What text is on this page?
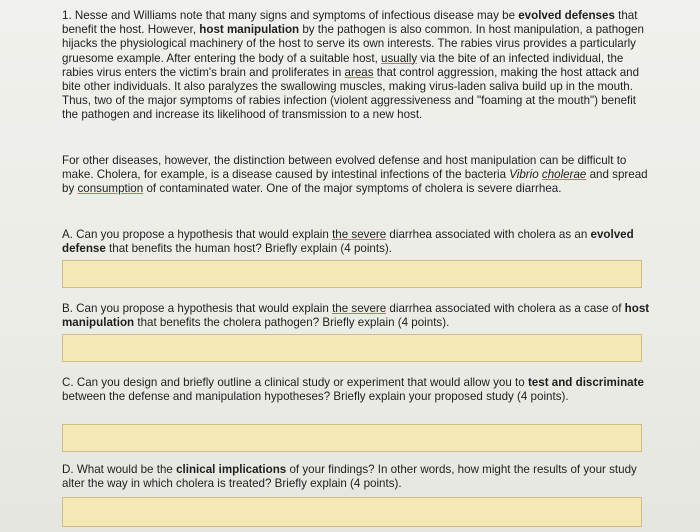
1. Nesse and Williams note that many signs and symptoms of infectious disease may be evolved defenses that benefit the host. However, host manipulation by the pathogen is also common. In host manipulation, a pathogen hijacks the physiological machinery of the host to serve its own interests. The rabies virus provides a particularly gruesome example. After entering the body of a suitable host, usually via the bite of an infected individual, the rabies virus enters the victim's brain and proliferates in areas that control aggression, making the host attack and bite other individuals. It also paralyzes the swallowing muscles, making virus-laden saliva build up in the mouth. Thus, two of the major symptoms of rabies infection (violent aggressiveness and "foaming at the mouth") benefit the pathogen and increase its likelihood of transmission to a new host.

For other diseases, however, the distinction between evolved defense and host manipulation can be difficult to make. Cholera, for example, is a disease caused by intestinal infections of the bacteria Vibrio cholerae and spread by consumption of contaminated water. One of the major symptoms of cholera is severe diarrhea.

A. Can you propose a hypothesis that would explain the severe diarrhea associated with cholera as an evolved defense that benefits the human host? Briefly explain (4 points).

B. Can you propose a hypothesis that would explain the severe diarrhea associated with cholera as a case of host manipulation that benefits the cholera pathogen? Briefly explain (4 points).

C. Can you design and briefly outline a clinical study or experiment that would allow you to test and discriminate between the defense and manipulation hypotheses? Briefly explain your proposed study (4 points).

D. What would be the clinical implications of your findings? In other words, how might the results of your study alter the way in which cholera is treated? Briefly explain (4 points).
